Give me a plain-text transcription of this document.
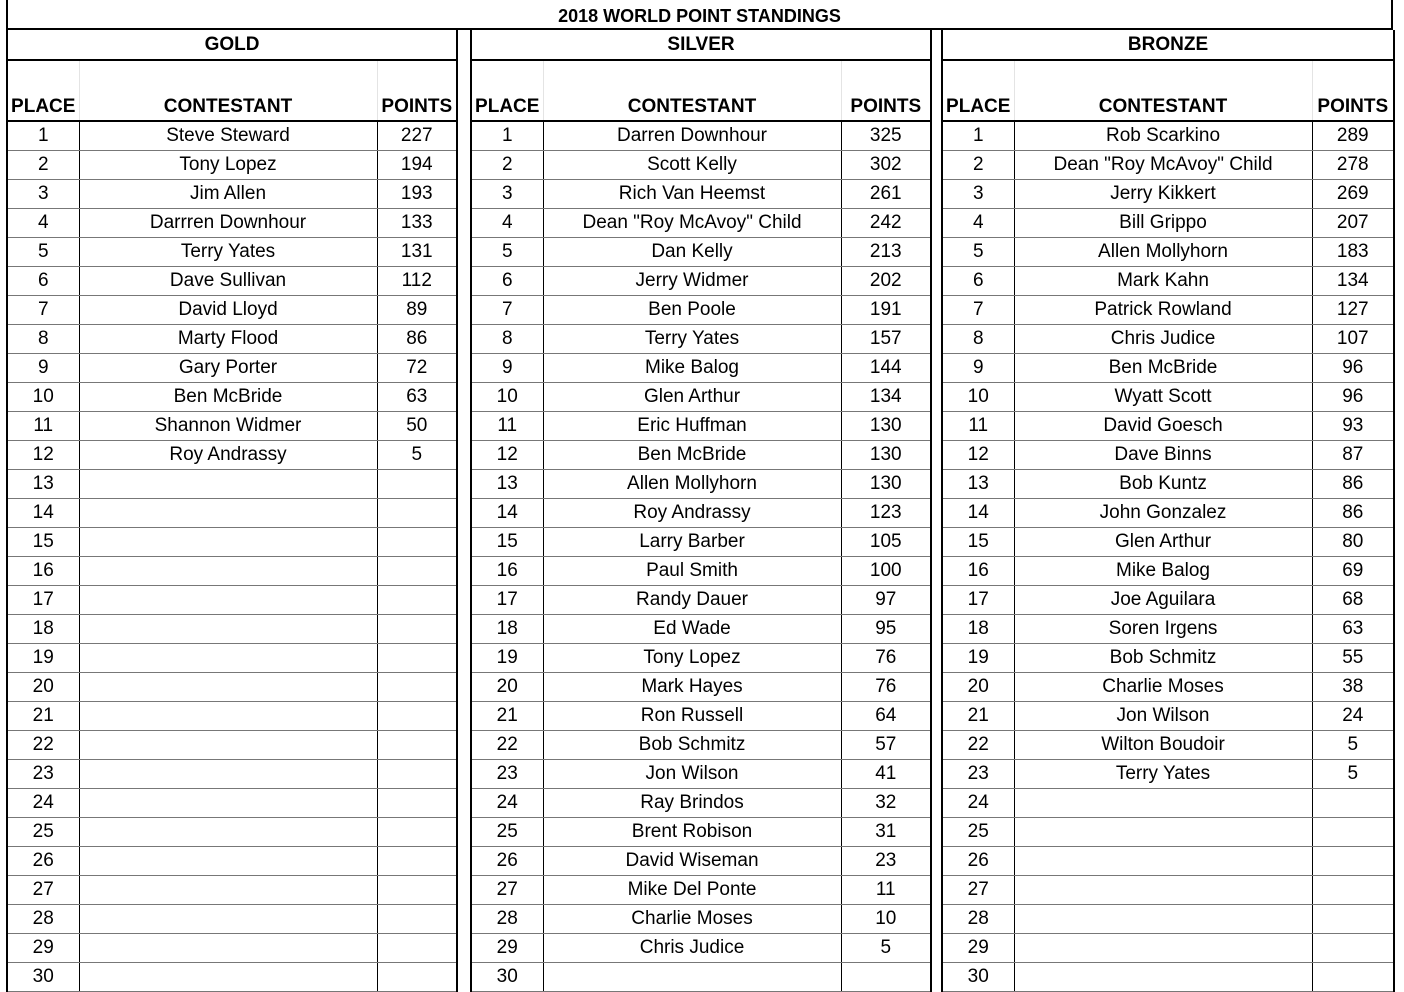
2018 WORLD POINT STANDINGS
GOLD		
PLACE	CONTESTANT	POINTS
1	Steve Steward	227
2	Tony Lopez	194
3	Jim Allen	193
4	Darrren Downhour	133
5	Terry Yates	131
6	Dave Sullivan	112
7	David Lloyd	89
8	Marty Flood	86
9	Gary Porter	72
10	Ben McBride	63
11	Shannon Widmer	50
12	Roy Andrassy	5
13		
14		
15		
16		
17		
18		
19		
20		
21		
22		
23		
24		
25		
26		
27		
28		
29		
30		
SILVER		
PLACE	CONTESTANT	POINTS
1	Darren Downhour	325
2	Scott Kelly	302
3	Rich Van Heemst	261
4	Dean "Roy McAvoy" Child	242
5	Dan Kelly	213
6	Jerry Widmer	202
7	Ben Poole	191
8	Terry Yates	157
9	Mike Balog	144
10	Glen Arthur	134
11	Eric Huffman	130
12	Ben McBride	130
13	Allen Mollyhorn	130
14	Roy Andrassy	123
15	Larry Barber	105
16	Paul Smith	100
17	Randy Dauer	97
18	Ed Wade	95
19	Tony Lopez	76
20	Mark Hayes	76
21	Ron Russell	64
22	Bob Schmitz	57
23	Jon Wilson	41
24	Ray Brindos	32
25	Brent Robison	31
26	David Wiseman	23
27	Mike Del Ponte	11
28	Charlie Moses	10
29	Chris Judice	5
30		
BRONZE		
PLACE	CONTESTANT	POINTS
1	Rob Scarkino	289
2	Dean "Roy McAvoy" Child	278
3	Jerry Kikkert	269
4	Bill Grippo	207
5	Allen Mollyhorn	183
6	Mark Kahn	134
7	Patrick Rowland	127
8	Chris Judice	107
9	Ben McBride	96
10	Wyatt Scott	96
11	David Goesch	93
12	Dave Binns	87
13	Bob Kuntz	86
14	John Gonzalez	86
15	Glen Arthur	80
16	Mike Balog	69
17	Joe Aguilara	68
18	Soren Irgens	63
19	Bob Schmitz	55
20	Charlie Moses	38
21	Jon Wilson	24
22	Wilton Boudoir	5
23	Terry Yates	5
24		
25		
26		
27		
28		
29		
30		
